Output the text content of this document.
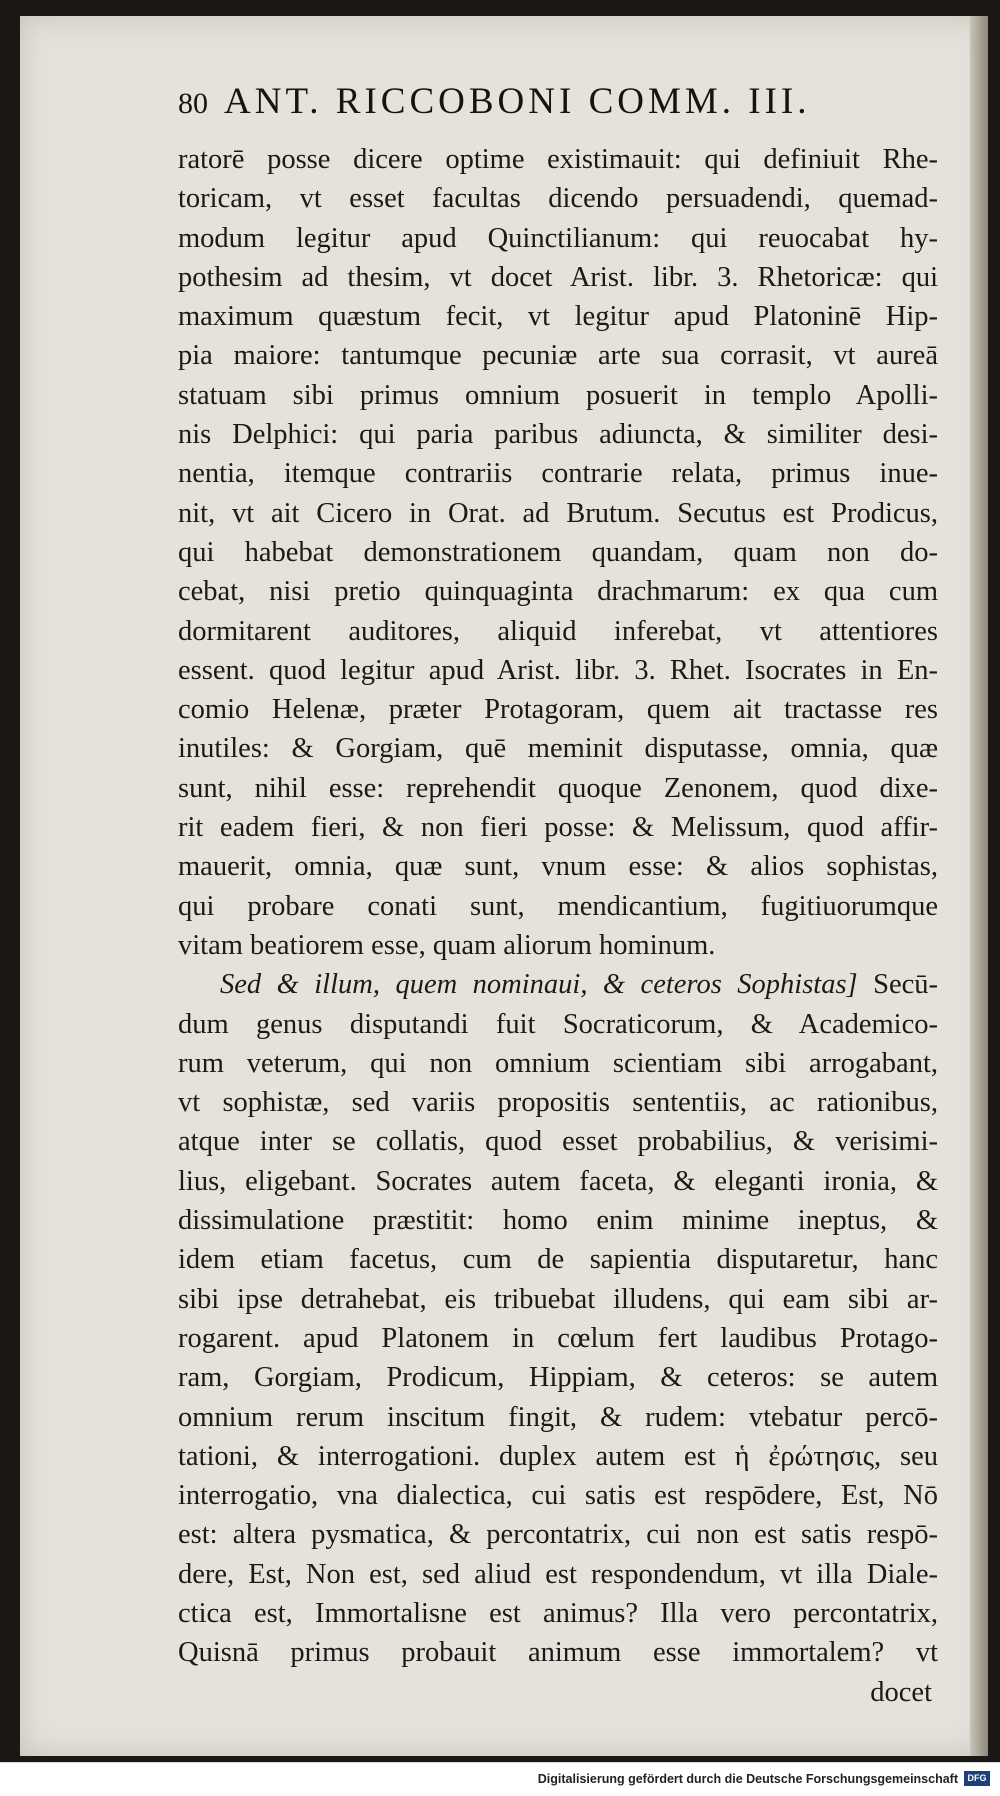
80 ANT. RICCOBONI COMM. III.
ratorē posse dicere optime existimauit: qui definiuit Rhe-
toricam, vt esset facultas dicendo persuadendi, quemad-
modum legitur apud Quinctilianum: qui reuocabat hy-
pothesim ad thesim, vt docet Arist. libr. 3. Rhetoricæ: qui
maximum quæstum fecit, vt legitur apud Platoninē Hip-
pia maiore: tantumque pecuniæ arte sua corrasit, vt aureā
statuam sibi primus omnium posuerit in templo Apolli-
nis Delphici: qui paria paribus adiuncta, & similiter desi-
nentia, itemque contrariis contrarie relata, primus inue-
nit, vt ait Cicero in Orat. ad Brutum. Secutus est Prodicus,
qui habebat demonstrationem quandam, quam non do-
cebat, nisi pretio quinquaginta drachmarum: ex qua cum
dormitarent auditores, aliquid inferebat, vt attentiores
essent. quod legitur apud Arist. libr. 3. Rhet. Isocrates in En-
comio Helenæ, præter Protagoram, quem ait tractasse res
inutiles: & Gorgiam, quē meminit disputasse, omnia, quæ
sunt, nihil esse: reprehendit quoque Zenonem, quod dixe-
rit eadem fieri, & non fieri posse: & Melissum, quod affir-
mauerit, omnia, quæ sunt, vnum esse: & alios sophistas,
qui probare conati sunt, mendicantium, fugitiuorumque
vitam beatiorem esse, quam aliorum hominum.
Sed & illum, quem nominaui, & ceteros Sophistas] Secū-
dum genus disputandi fuit Socraticorum, & Academico-
rum veterum, qui non omnium scientiam sibi arrogabant,
vt sophistæ, sed variis propositis sententiis, ac rationibus,
atque inter se collatis, quod esset probabilius, & verisimi-
lius, eligebant. Socrates autem faceta, & eleganti ironia, &
dissimulatione præstitit: homo enim minime ineptus, &
idem etiam facetus, cum de sapientia disputaretur, hanc
sibi ipse detrahebat, eis tribuebat illudens, qui eam sibi ar-
rogarent. apud Platonem in cœlum fert laudibus Protago-
ram, Gorgiam, Prodicum, Hippiam, & ceteros: se autem
omnium rerum inscitum fingit, & rudem: vtebatur percō-
tationi, & interrogationi. duplex autem est ἡ ἐρώτησις, seu
interrogatio, vna dialectica, cui satis est respōdere, Est, Nō
est: altera pysmatica, & percontatrix, cui non est satis respō-
dere, Est, Non est, sed aliud est respondendum, vt illa Diale-
ctica est, Immortalisne est animus? Illa vero percontatrix,
Quisnā primus probauit animum esse immortalem? vt
docet
Digitalisierung gefördert durch die Deutsche Forschungsgemeinschaft	DFG
